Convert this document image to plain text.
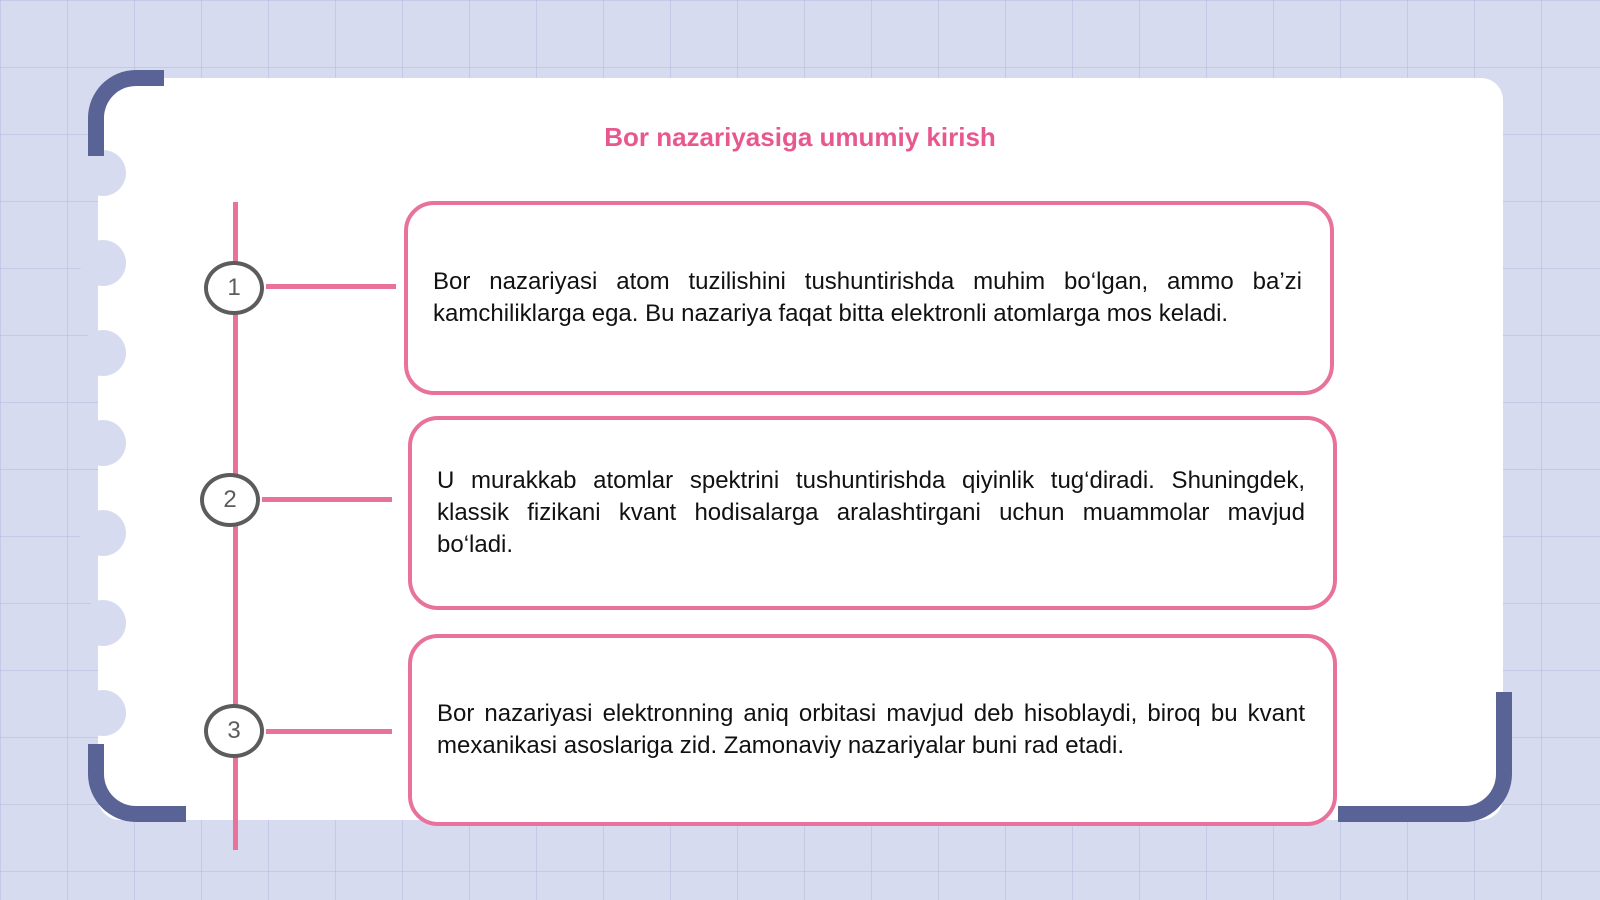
Bor nazariyasiga umumiy kirish
1	Bor nazariyasi atom tuzilishini tushuntirishda muhim bo‘lgan, ammo ba’zi kamchiliklarga ega. Bu nazariya faqat bitta elektronli atomlarga mos keladi.

2

U murakkab atomlar spektrini tushuntirishda qiyinlik tug‘diradi. Shuningdek, klassik fizikani kvant hodisalarga aralashtirgani uchun muammolar mavjud bo‘ladi.

3

Bor nazariyasi elektronning aniq orbitasi mavjud deb hisoblaydi, biroq bu kvant mexanikasi asoslariga zid. Zamonaviy nazariyalar buni rad etadi.
